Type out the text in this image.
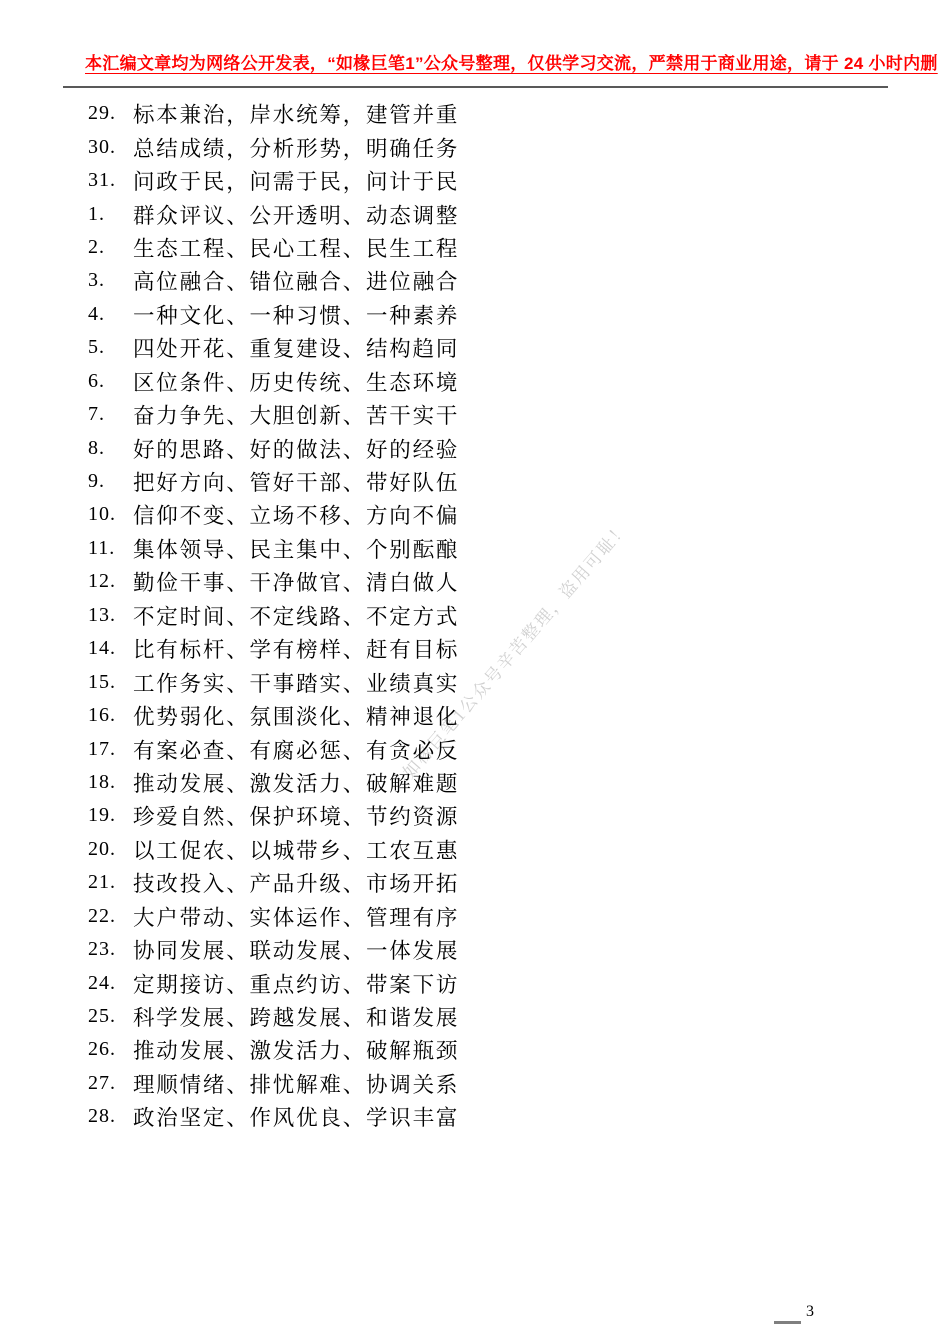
本汇编文章均为网络公开发表，“如椽巨笔1”公众号整理，仅供学习交流，严禁用于商业用途，请于 24 小时内删
如椽巨笔1公众号辛苦整理，盗用可耻！
29. 标本兼治，岸水统筹，建管并重
30. 总结成绩，分析形势，明确任务
31. 问政于民，问需于民，问计于民
1.	群众评议、公开透明、动态调整
2.	生态工程、民心工程、民生工程
3.	高位融合、错位融合、进位融合
4.	一种文化、一种习惯、一种素养
5.	四处开花、重复建设、结构趋同
6.	区位条件、历史传统、生态环境
7.	奋力争先、大胆创新、苦干实干
8.	好的思路、好的做法、好的经验
9.	把好方向、管好干部、带好队伍
10. 信仰不变、立场不移、方向不偏
11. 集体领导、民主集中、个别酝酿
12. 勤俭干事、干净做官、清白做人
13. 不定时间、不定线路、不定方式
14. 比有标杆、学有榜样、赶有目标
15. 工作务实、干事踏实、业绩真实
16. 优势弱化、氛围淡化、精神退化
17. 有案必查、有腐必惩、有贪必反
18. 推动发展、激发活力、破解难题
19. 珍爱自然、保护环境、节约资源
20. 以工促农、以城带乡、工农互惠
21. 技改投入、产品升级、市场开拓
22. 大户带动、实体运作、管理有序
23. 协同发展、联动发展、一体发展
24. 定期接访、重点约访、带案下访
25. 科学发展、跨越发展、和谐发展
26. 推动发展、激发活力、破解瓶颈
27. 理顺情绪、排忧解难、协调关系
28. 政治坚定、作风优良、学识丰富
3
